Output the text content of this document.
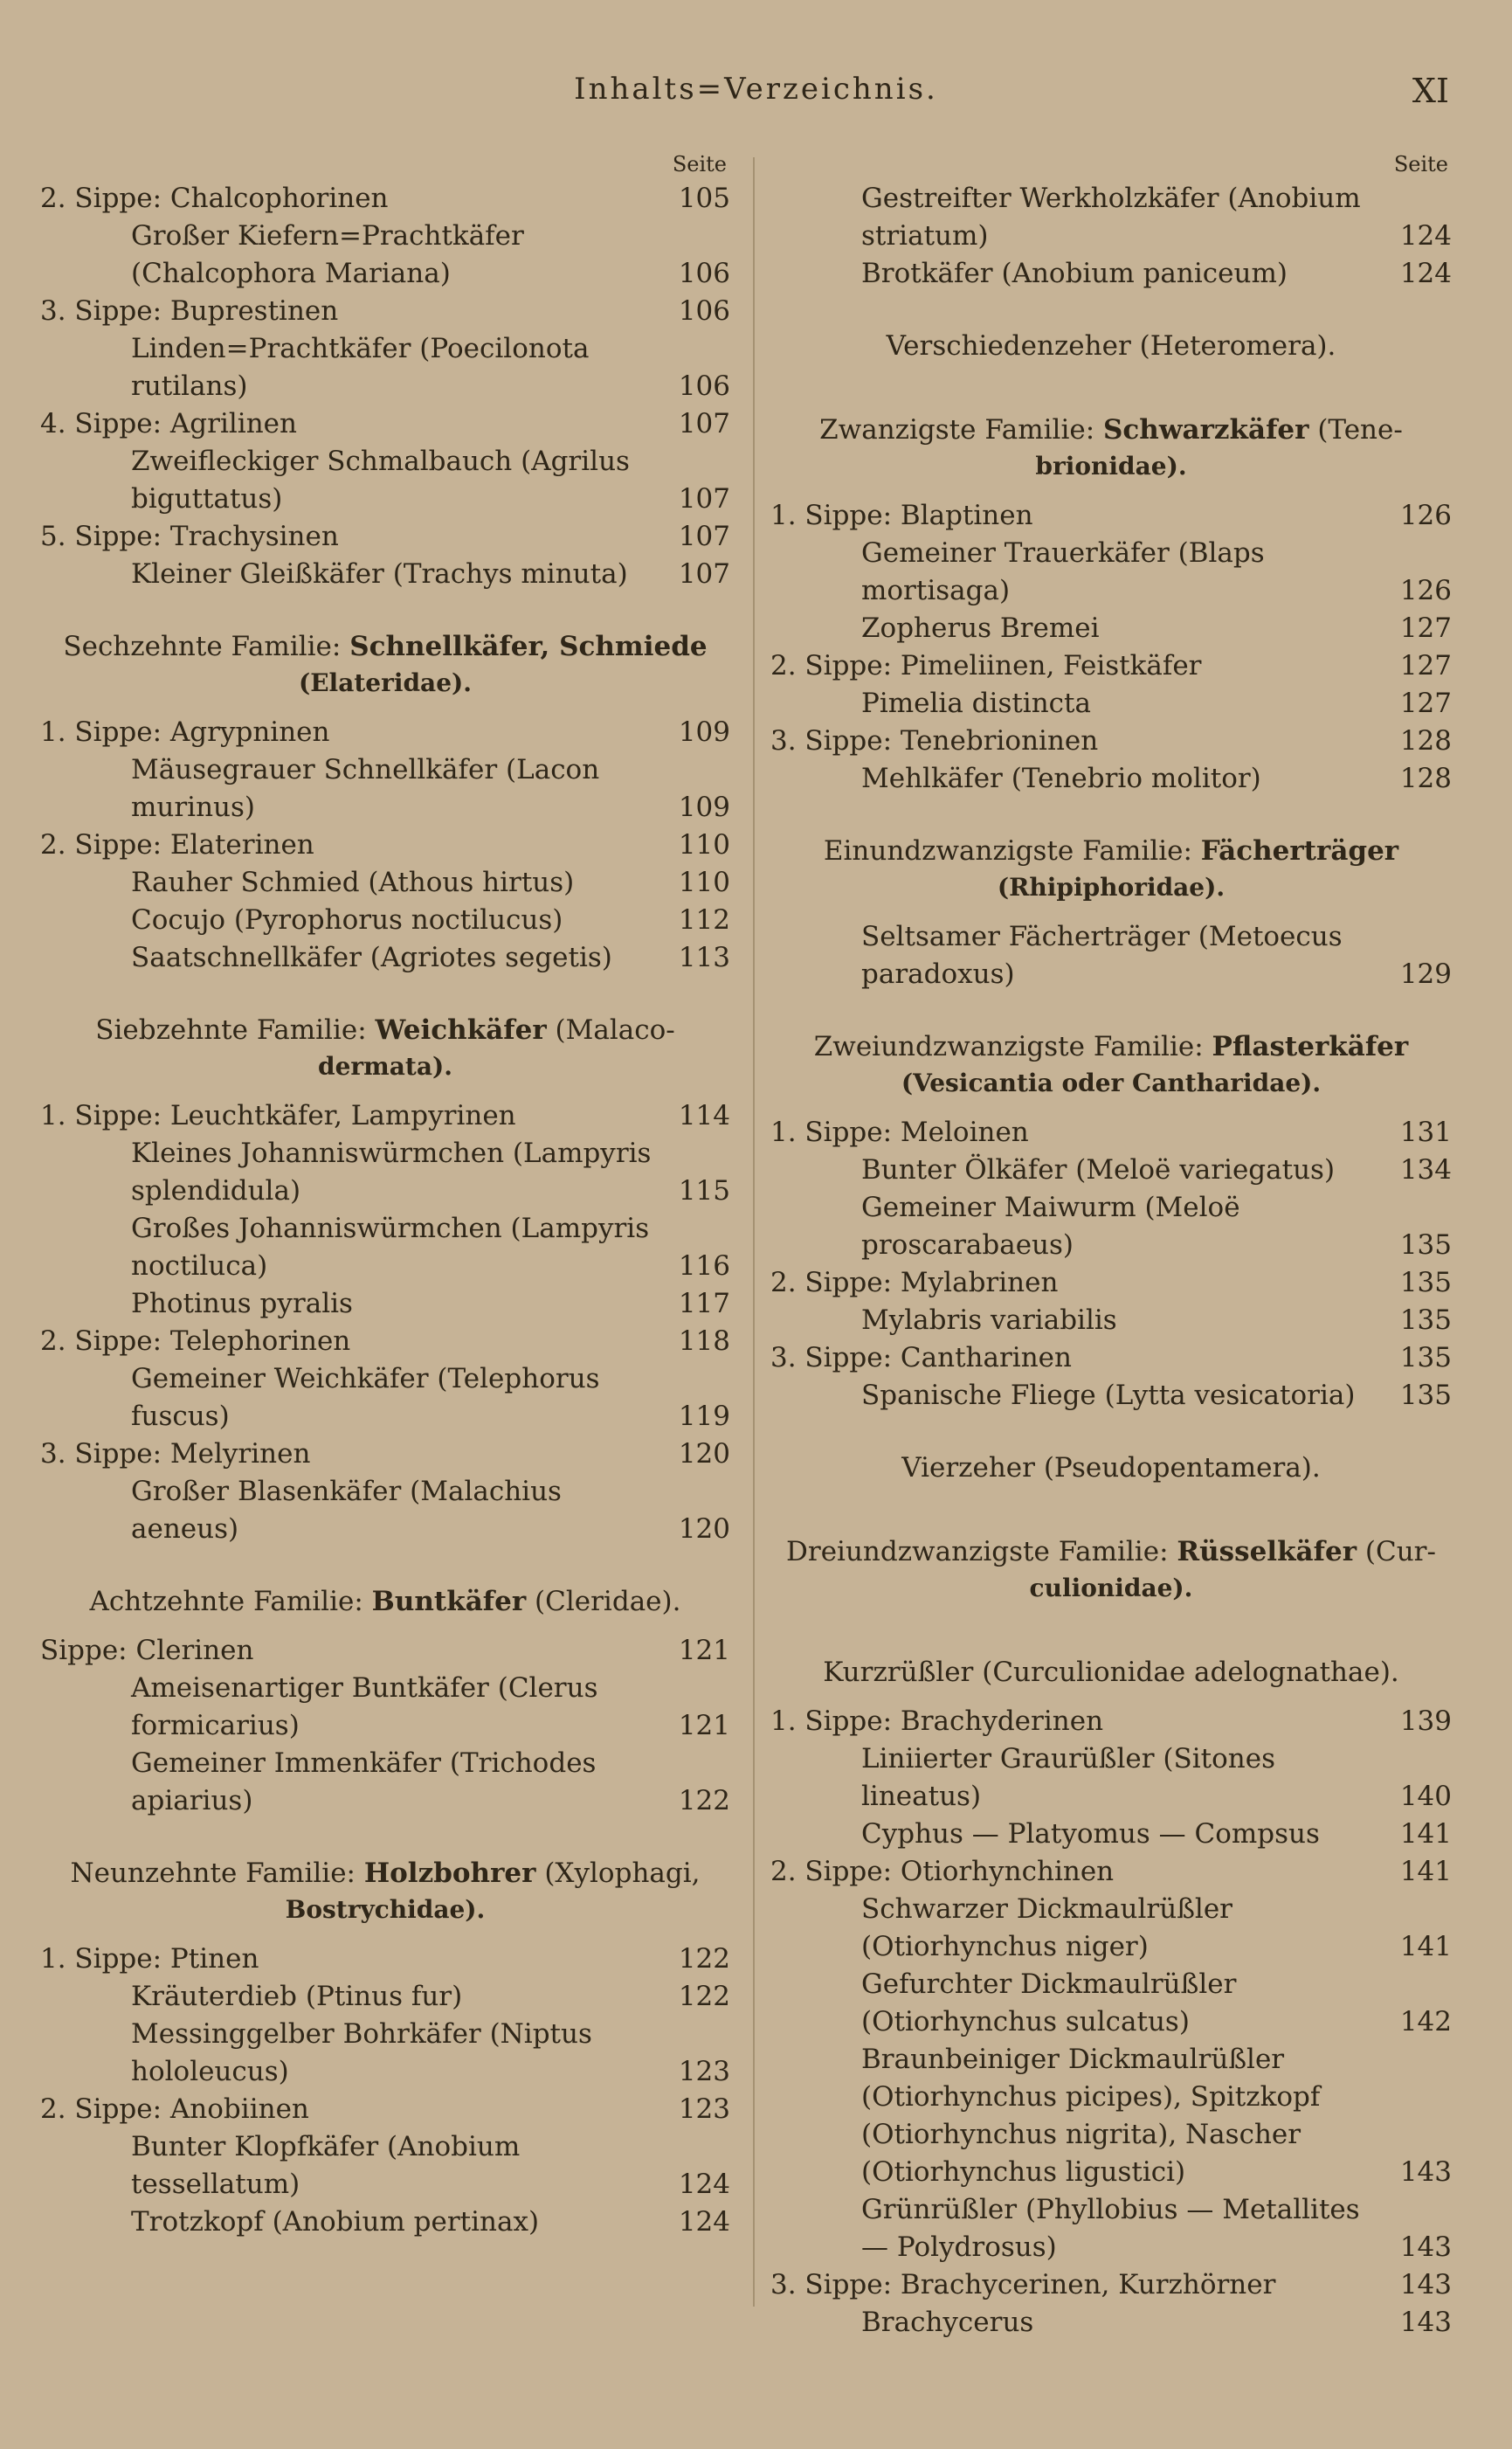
Inhalts=Verzeichnis.	XI
Seite
2. Sippe: Chalcophorinen	105
Großer Kiefern=Prachtkäfer (Chalcophora Mariana)	106
3. Sippe: Buprestinen	106
Linden=Prachtkäfer (Poecilonota rutilans)	106
4. Sippe: Agrilinen	107
Zweifleckiger Schmalbauch (Agrilus biguttatus)	107
5. Sippe: Trachysinen	107
Kleiner Gleißkäfer (Trachys minuta)	107
Sechzehnte Familie: Schnellkäfer, Schmiede
(Elateridae).
1. Sippe: Agrypninen	109
Mäusegrauer Schnellkäfer (Lacon murinus)	109
2. Sippe: Elaterinen	110
Rauher Schmied (Athous hirtus)	110
Cocujo (Pyrophorus noctilucus)	112
Saatschnellkäfer (Agriotes segetis)	113
Siebzehnte Familie: Weichkäfer (Malaco-
dermata).
1. Sippe: Leuchtkäfer, Lampyrinen	114
Kleines Johanniswürmchen (Lampyris splendidula)	115
Großes Johanniswürmchen (Lampyris noctiluca)	116
Photinus pyralis	117
2. Sippe: Telephorinen	118
Gemeiner Weichkäfer (Telephorus fuscus)	119
3. Sippe: Melyrinen	120
Großer Blasenkäfer (Malachius aeneus)	120
Achtzehnte Familie: Buntkäfer (Cleridae).
Sippe: Clerinen	121
Ameisenartiger Buntkäfer (Clerus formicarius)	121
Gemeiner Immenkäfer (Trichodes apiarius)	122
Neunzehnte Familie: Holzbohrer (Xylophagi,
Bostrychidae).
1. Sippe: Ptinen	122
Kräuterdieb (Ptinus fur)	122
Messinggelber Bohrkäfer (Niptus hololeucus)	123
2. Sippe: Anobiinen	123
Bunter Klopfkäfer (Anobium tessellatum)	124
Trotzkopf (Anobium pertinax)	124
Seite
Gestreifter Werkholzkäfer (Anobium striatum)	124
Brotkäfer (Anobium paniceum)	124
Verschiedenzeher (Heteromera).
Zwanzigste Familie: Schwarzkäfer (Tene-
brionidae).
1. Sippe: Blaptinen	126
Gemeiner Trauerkäfer (Blaps mortisaga)	126
Zopherus Bremei	127
2. Sippe: Pimeliinen, Feistkäfer	127
Pimelia distincta	127
3. Sippe: Tenebrioninen	128
Mehlkäfer (Tenebrio molitor)	128
Einundzwanzigste Familie: Fächerträger
(Rhipiphoridae).
Seltsamer Fächerträger (Metoecus paradoxus)	129
Zweiundzwanzigste Familie: Pflasterkäfer
(Vesicantia oder Cantharidae).
1. Sippe: Meloinen	131
Bunter Ölkäfer (Meloë variegatus)	134
Gemeiner Maiwurm (Meloë proscarabaeus)	135
2. Sippe: Mylabrinen	135
Mylabris variabilis	135
3. Sippe: Cantharinen	135
Spanische Fliege (Lytta vesicatoria)	135
Vierzeher (Pseudopentamera).
Dreiundzwanzigste Familie: Rüsselkäfer (Cur-
culionidae).
Kurzrüßler (Curculionidae adelognathae).
1. Sippe: Brachyderinen	139
Liniierter Graurüßler (Sitones lineatus)	140
Cyphus — Platyomus — Compsus	141
2. Sippe: Otiorhynchinen	141
Schwarzer Dickmaulrüßler (Otiorhynchus niger)	141
Gefurchter Dickmaulrüßler (Otiorhynchus sulcatus)	142
Braunbeiniger Dickmaulrüßler (Otiorhynchus picipes), Spitzkopf (Otiorhynchus nigrita), Nascher (Otiorhynchus ligustici)	143
Grünrüßler (Phyllobius — Metallites — Polydrosus)	143
3. Sippe: Brachycerinen, Kurzhörner	143
Brachycerus	143
